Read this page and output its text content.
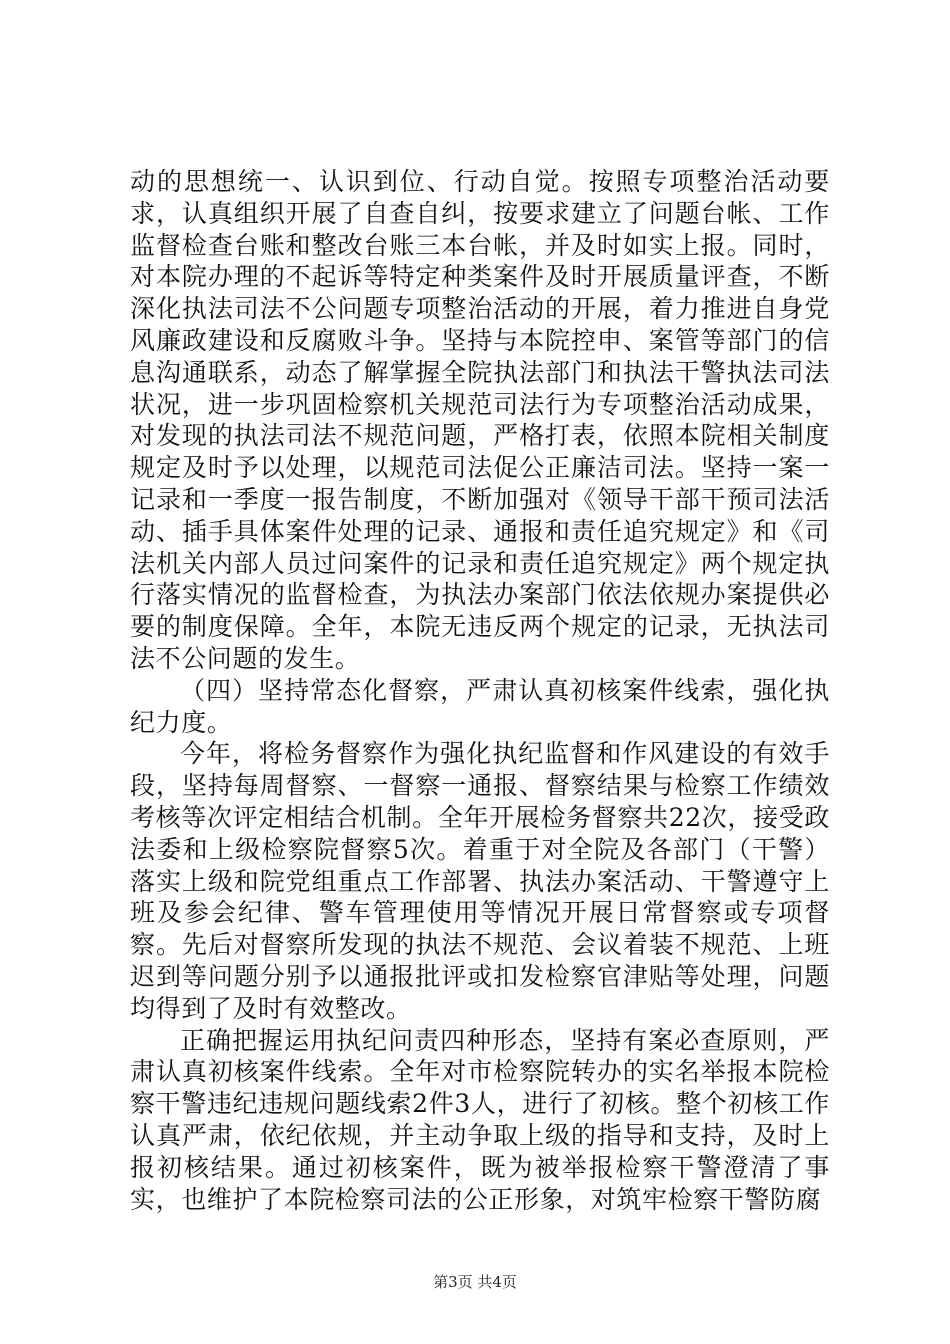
动的思想统一、认识到位、行动自觉。按照专项整治活动要求，认真组织开展了自查自纠，按要求建立了问题台帐、工作监督检查台账和整改台账三本台帐，并及时如实上报。同时，对本院办理的不起诉等特定种类案件及时开展质量评查，不断深化执法司法不公问题专项整治活动的开展，着力推进自身党风廉政建设和反腐败斗争。坚持与本院控申、案管等部门的信息沟通联系，动态了解掌握全院执法部门和执法干警执法司法状况，进一步巩固检察机关规范司法行为专项整治活动成果，对发现的执法司法不规范问题，严格打表，依照本院相关制度规定及时予以处理，以规范司法促公正廉洁司法。坚持一案一记录和一季度一报告制度，不断加强对《领导干部干预司法活动、插手具体案件处理的记录、通报和责任追究规定》和《司法机关内部人员过问案件的记录和责任追究规定》两个规定执行落实情况的监督检查，为执法办案部门依法依规办案提供必要的制度保障。全年，本院无违反两个规定的记录，无执法司法不公问题的发生。

（四）坚持常态化督察，严肃认真初核案件线索，强化执纪力度。

今年，将检务督察作为强化执纪监督和作风建设的有效手段，坚持每周督察、一督察一通报、督察结果与检察工作绩效考核等次评定相结合机制。全年开展检务督察共22次，接受政法委和上级检察院督察5次。着重于对全院及各部门（干警）落实上级和院党组重点工作部署、执法办案活动、干警遵守上班及参会纪律、警车管理使用等情况开展日常督察或专项督察。先后对督察所发现的执法不规范、会议着装不规范、上班迟到等问题分别予以通报批评或扣发检察官津贴等处理，问题均得到了及时有效整改。

正确把握运用执纪问责四种形态，坚持有案必查原则，严肃认真初核案件线索。全年对市检察院转办的实名举报本院检察干警违纪违规问题线索2件3人，进行了初核。整个初核工作认真严肃，依纪依规，并主动争取上级的指导和支持，及时上报初核结果。通过初核案件，既为被举报检察干警澄清了事实，也维护了本院检察司法的公正形象，对筑牢检察干警防腐

第3页 共4页
